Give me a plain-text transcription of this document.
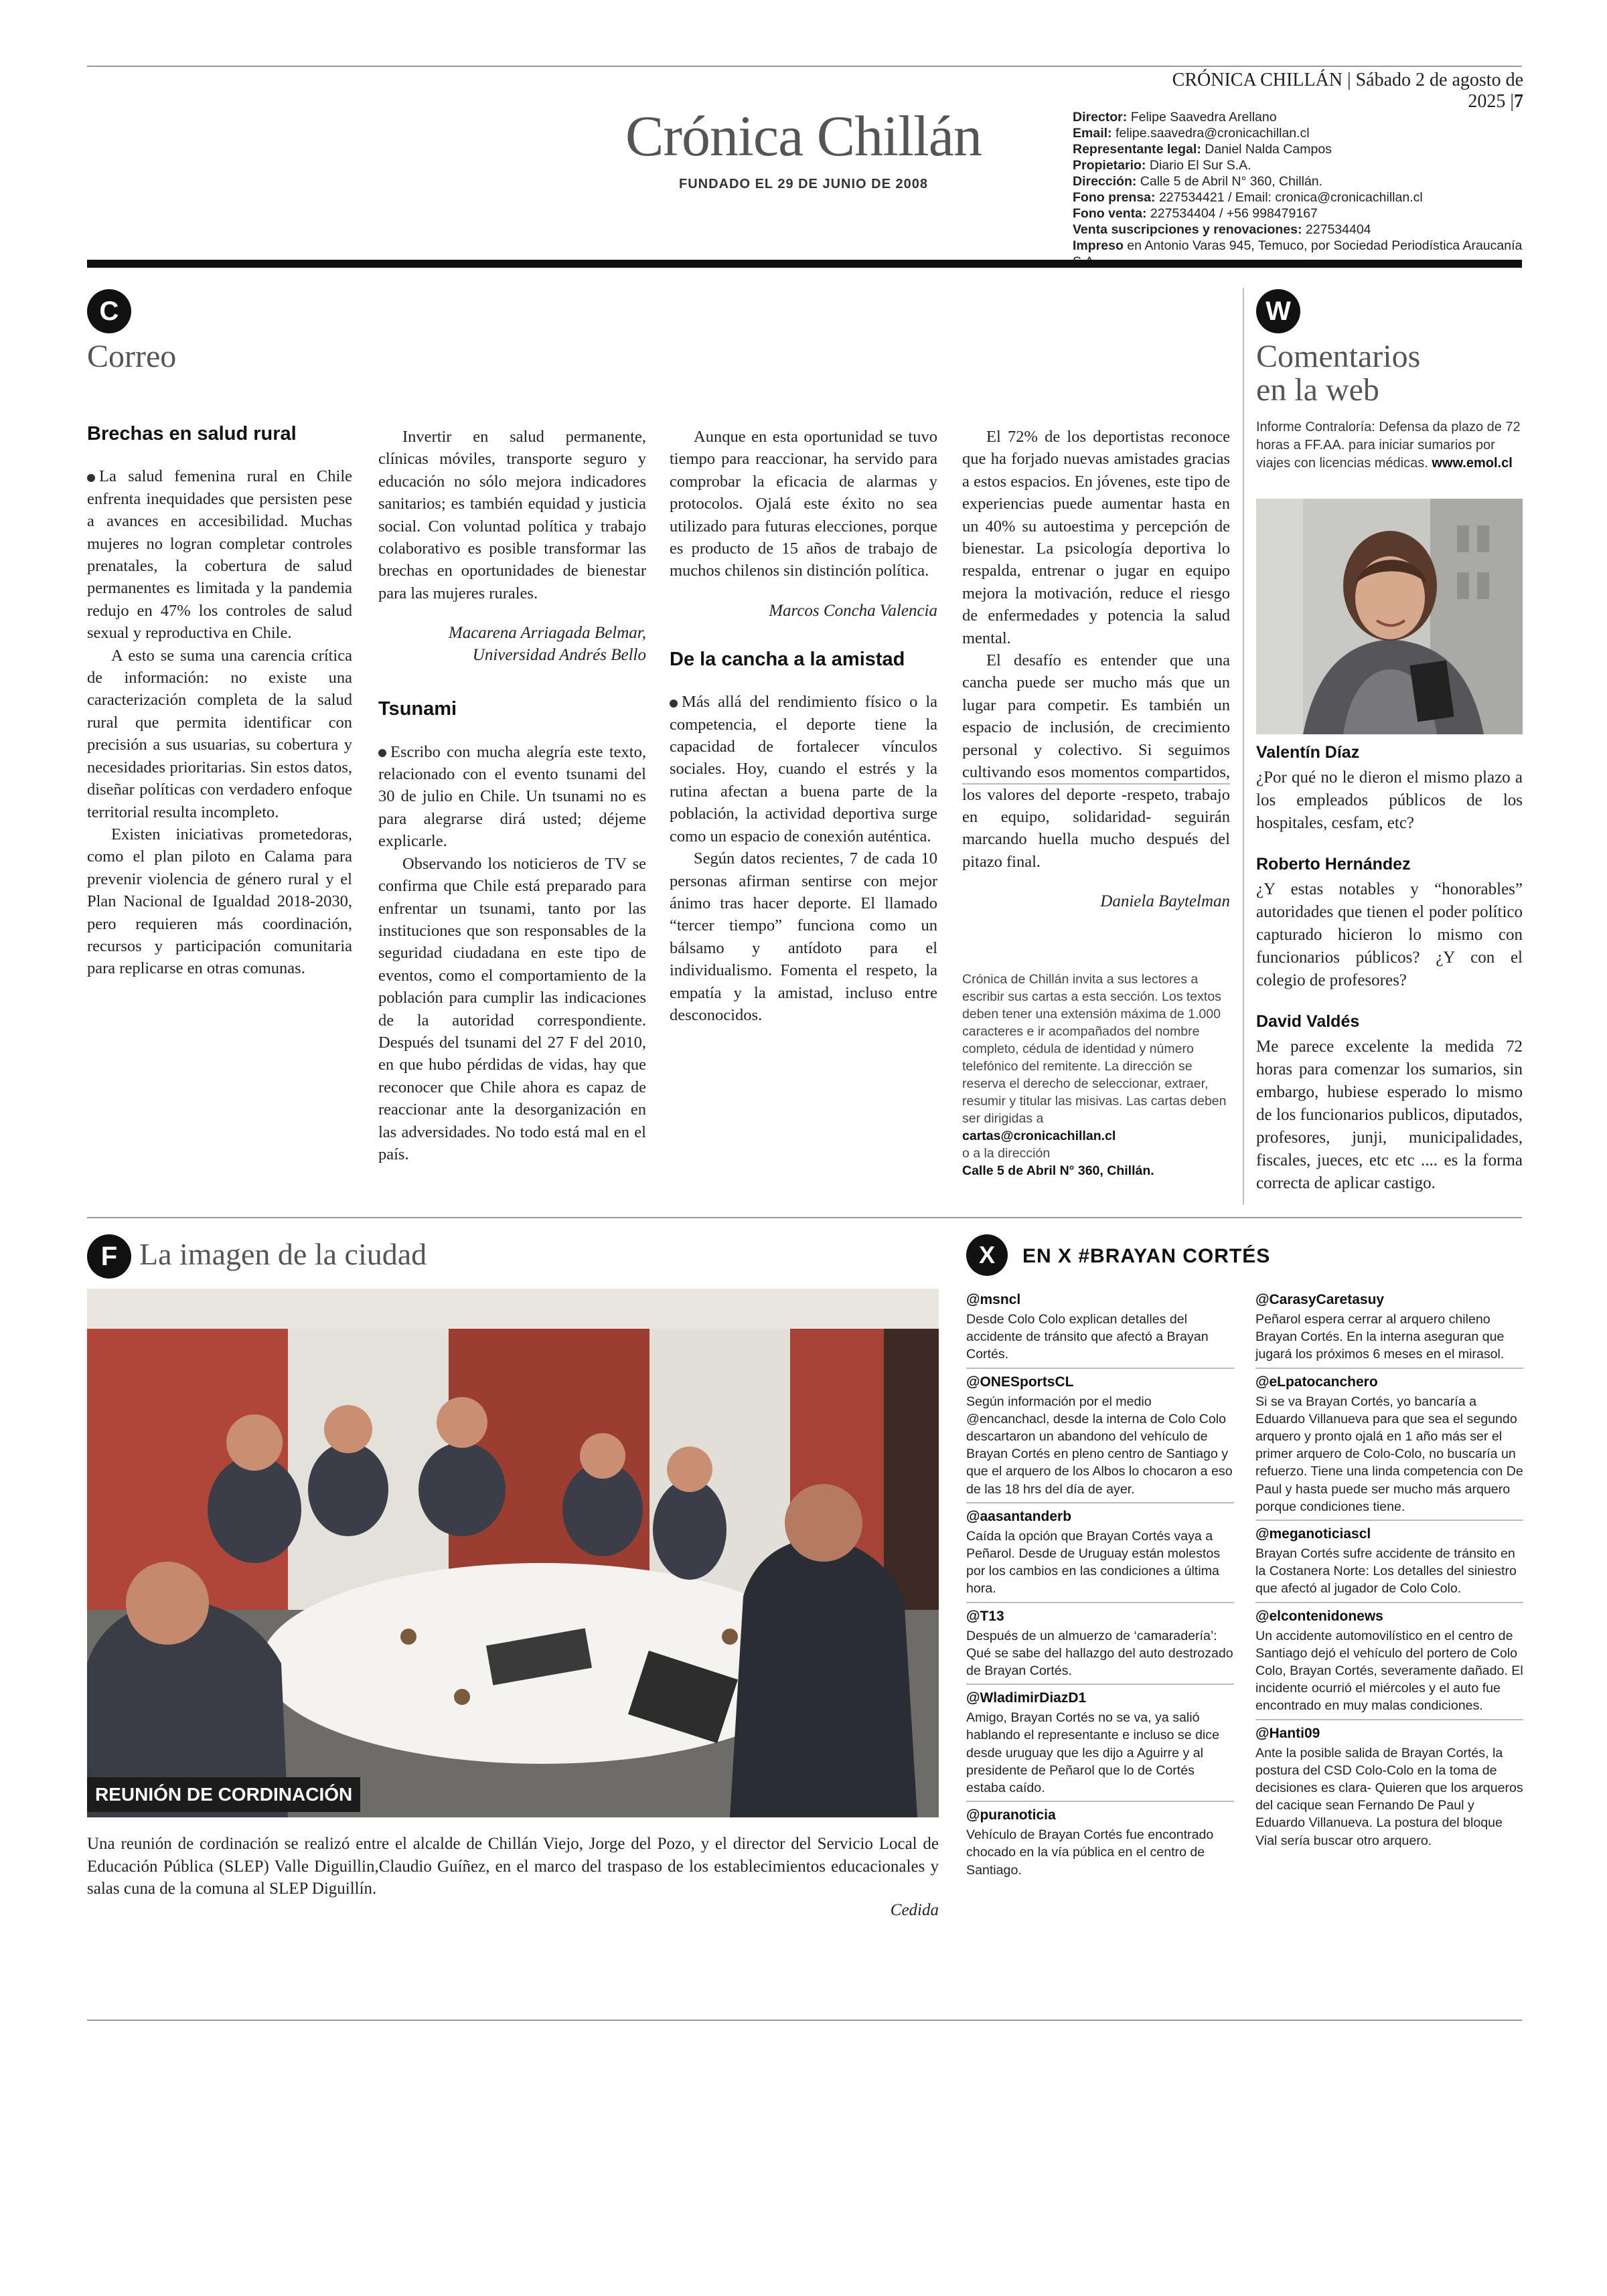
CRÓNICA CHILLÁN | Sábado 2 de agosto de 2025 |7
Crónica Chillán
FUNDADO EL 29 DE JUNIO DE 2008
Director: Felipe Saavedra Arellano
Email: felipe.saavedra@cronicachillan.cl
Representante legal: Daniel Nalda Campos
Propietario: Diario El Sur S.A.
Dirección: Calle 5 de Abril N° 360, Chillán.
Fono prensa: 227534421 / Email: cronica@cronicachillan.cl
Fono venta: 227534404 / +56 998479167
Venta suscripciones y renovaciones: 227534404
Impreso en Antonio Varas 945, Temuco, por Sociedad Periodística Araucanía
C
Correo
Brechas en salud rural

La salud femenina rural en Chile enfrenta inequidades que persisten pese a avances en accesibilidad. Muchas mujeres no logran completar controles prenatales, la cobertura de salud permanentes es limitada y la pandemia redujo en 47% los controles de salud sexual y reproductiva en Chile.

A esto se suma una carencia crítica de información: no existe una caracterización completa de la salud rural que permita identificar con precisión a sus usuarias, su cobertura y necesidades prioritarias. Sin estos datos, diseñar políticas con verdadero enfoque territorial resulta incompleto.

Existen iniciativas prometedoras, como el plan piloto en Calama para prevenir violencia de género rural y el Plan Nacional de Igualdad 2018-2030, pero requieren más coordinación, recursos y participación comunitaria para replicarse en otras comunas.

Invertir en salud permanente, clínicas móviles, transporte seguro y educación no sólo mejora indicadores sanitarios; es también equidad y justicia social. Con voluntad política y trabajo colaborativo es posible transformar las brechas en oportunidades de bienestar para las mujeres rurales.

Macarena Arriagada Belmar,
Universidad Andrés Bello
Tsunami

Escribo con mucha alegría este texto, relacionado con el evento tsunami del 30 de julio en Chile. Un tsunami no es para alegrarse dirá usted; déjeme explicarle.

Observando los noticieros de TV se confirma que Chile está preparado para enfrentar un tsunami, tanto por las instituciones que son responsables de la seguridad ciudadana en este tipo de eventos, como el comportamiento de la población para cumplir las indicaciones de la autoridad correspondiente. Después del tsunami del 27 F del 2010, en que hubo pérdidas de vidas, hay que reconocer que Chile ahora es capaz de reaccionar ante la desorganización en las adversidades. No todo está mal en el país.

Aunque en esta oportunidad se tuvo tiempo para reaccionar, ha servido para comprobar la eficacia de alarmas y protocolos. Ojalá este éxito no sea utilizado para futuras elecciones, porque es producto de 15 años de trabajo de muchos chilenos sin distinción política.

Marcos Concha Valencia
De la cancha a la amistad

Más allá del rendimiento físico o la competencia, el deporte tiene la capacidad de fortalecer vínculos sociales. Hoy, cuando el estrés y la rutina afectan a buena parte de la población, la actividad deportiva surge como un espacio de conexión auténtica.

Según datos recientes, 7 de cada 10 personas afirman sentirse con mejor ánimo tras hacer deporte. El llamado “tercer tiempo” funciona como un bálsamo y antídoto para el individualismo. Fomenta el respeto, la empatía y la amistad, incluso entre desconocidos.

El 72% de los deportistas reconoce que ha forjado nuevas amistades gracias a estos espacios. En jóvenes, este tipo de experiencias puede aumentar hasta en un 40% su autoestima y percepción de bienestar. La psicología deportiva lo respalda, entrenar o jugar en equipo mejora la motivación, reduce el riesgo de enfermedades y potencia la salud mental.

El desafío es entender que una cancha puede ser mucho más que un lugar para competir. Es también un espacio de inclusión, de crecimiento personal y colectivo. Si seguimos cultivando esos momentos compartidos, los valores del deporte -respeto, trabajo en equipo, solidaridad- seguirán marcando huella mucho después del pitazo final.

Daniela Baytelman
Crónica de Chillán invita a sus lectores a escribir sus cartas a esta sección. Los textos deben tener una extensión máxima de 1.000 caracteres e ir acompañados del nombre completo, cédula de identidad y número telefónico del remitente. La dirección se reserva el derecho de seleccionar, extraer, resumir y titular las misivas. Las cartas deben ser dirigidas a
cartas@cronicachillan.cl
o a la dirección
Calle 5 de Abril N° 360, Chillán.
W
Comentarios
en la web
Informe Contraloría: Defensa da plazo de 72 horas a FF.AA. para iniciar sumarios por viajes con licencias médicas. www.emol.cl
Valentín Díaz
¿Por qué no le dieron el mismo plazo a los empleados públicos de los hospitales, cesfam, etc?
Roberto Hernández
¿Y estas notables y “honorables” autoridades que tienen el poder político capturado hicieron lo mismo con funcionarios públicos? ¿Y con el colegio de profesores?
David Valdés
Me parece excelente la medida 72 horas para comenzar los sumarios, sin embargo, hubiese esperado lo mismo de los funcionarios publicos, diputados, profesores, junji, municipalidades, fiscales, jueces, etc etc .... es la forma correcta de aplicar castigo.
F La imagen de la ciudad
REUNIÓN DE CORDINACIÓN
Una reunión de cordinación se realizó entre el alcalde de Chillán Viejo, Jorge del Pozo, y el director del Servicio Local de Educación Pública (SLEP) Valle Diguillin,Claudio Guíñez, en el marco del traspaso de los establecimientos educacionales y salas cuna de la comuna al SLEP Diguillín.
Cedida
X	EN X #BRAYAN CORTÉS
@msncl
Desde Colo Colo explican detalles del accidente de tránsito que afectó a Brayan Cortés.
@ONESportsCL
Según información por el medio @encanchacl, desde la interna de Colo Colo descartaron un abandono del vehículo de Brayan Cortés en pleno centro de Santiago y que el arquero de los Albos lo chocaron a eso de las 18 hrs del día de ayer.
@aasantanderb
Caída la opción que Brayan Cortés vaya a Peñarol. Desde de Uruguay están molestos por los cambios en las condiciones a última hora.
@T13
Después de un almuerzo de ‘camaradería’: Qué se sabe del hallazgo del auto destrozado de Brayan Cortés.
@WladimirDiazD1
Amigo, Brayan Cortés no se va, ya salió hablando el representante e incluso se dice desde uruguay que les dijo a Aguirre y al presidente de Peñarol que lo de Cortés estaba caído.
@puranoticia
Vehículo de Brayan Cortés fue encontrado chocado en la vía pública en el centro de Santiago.
@CarasyCaretasuy
Peñarol espera cerrar al arquero chileno Brayan Cortés. En la interna aseguran que jugará los próximos 6 meses en el mirasol.
@eLpatocanchero
Si se va Brayan Cortés, yo bancaría a Eduardo Villanueva para que sea el segundo arquero y pronto ojalá en 1 año más ser el primer arquero de Colo-Colo, no buscaría un refuerzo. Tiene una linda competencia con De Paul y hasta puede ser mucho más arquero porque condiciones tiene.
@meganoticiascl
Brayan Cortés sufre accidente de tránsito en la Costanera Norte: Los detalles del siniestro que afectó al jugador de Colo Colo.
@elcontenidonews
Un accidente automovilístico en el centro de Santiago dejó el vehículo del portero de Colo Colo, Brayan Cortés, severamente dañado. El incidente ocurrió el miércoles y el auto fue encontrado en muy malas condiciones.
@Hanti09
Ante la posible salida de Brayan Cortés, la postura del CSD Colo-Colo en la toma de decisiones es clara- Quieren que los arqueros del cacique sean Fernando De Paul y Eduardo Villanueva. La postura del bloque Vial sería buscar otro arquero.
